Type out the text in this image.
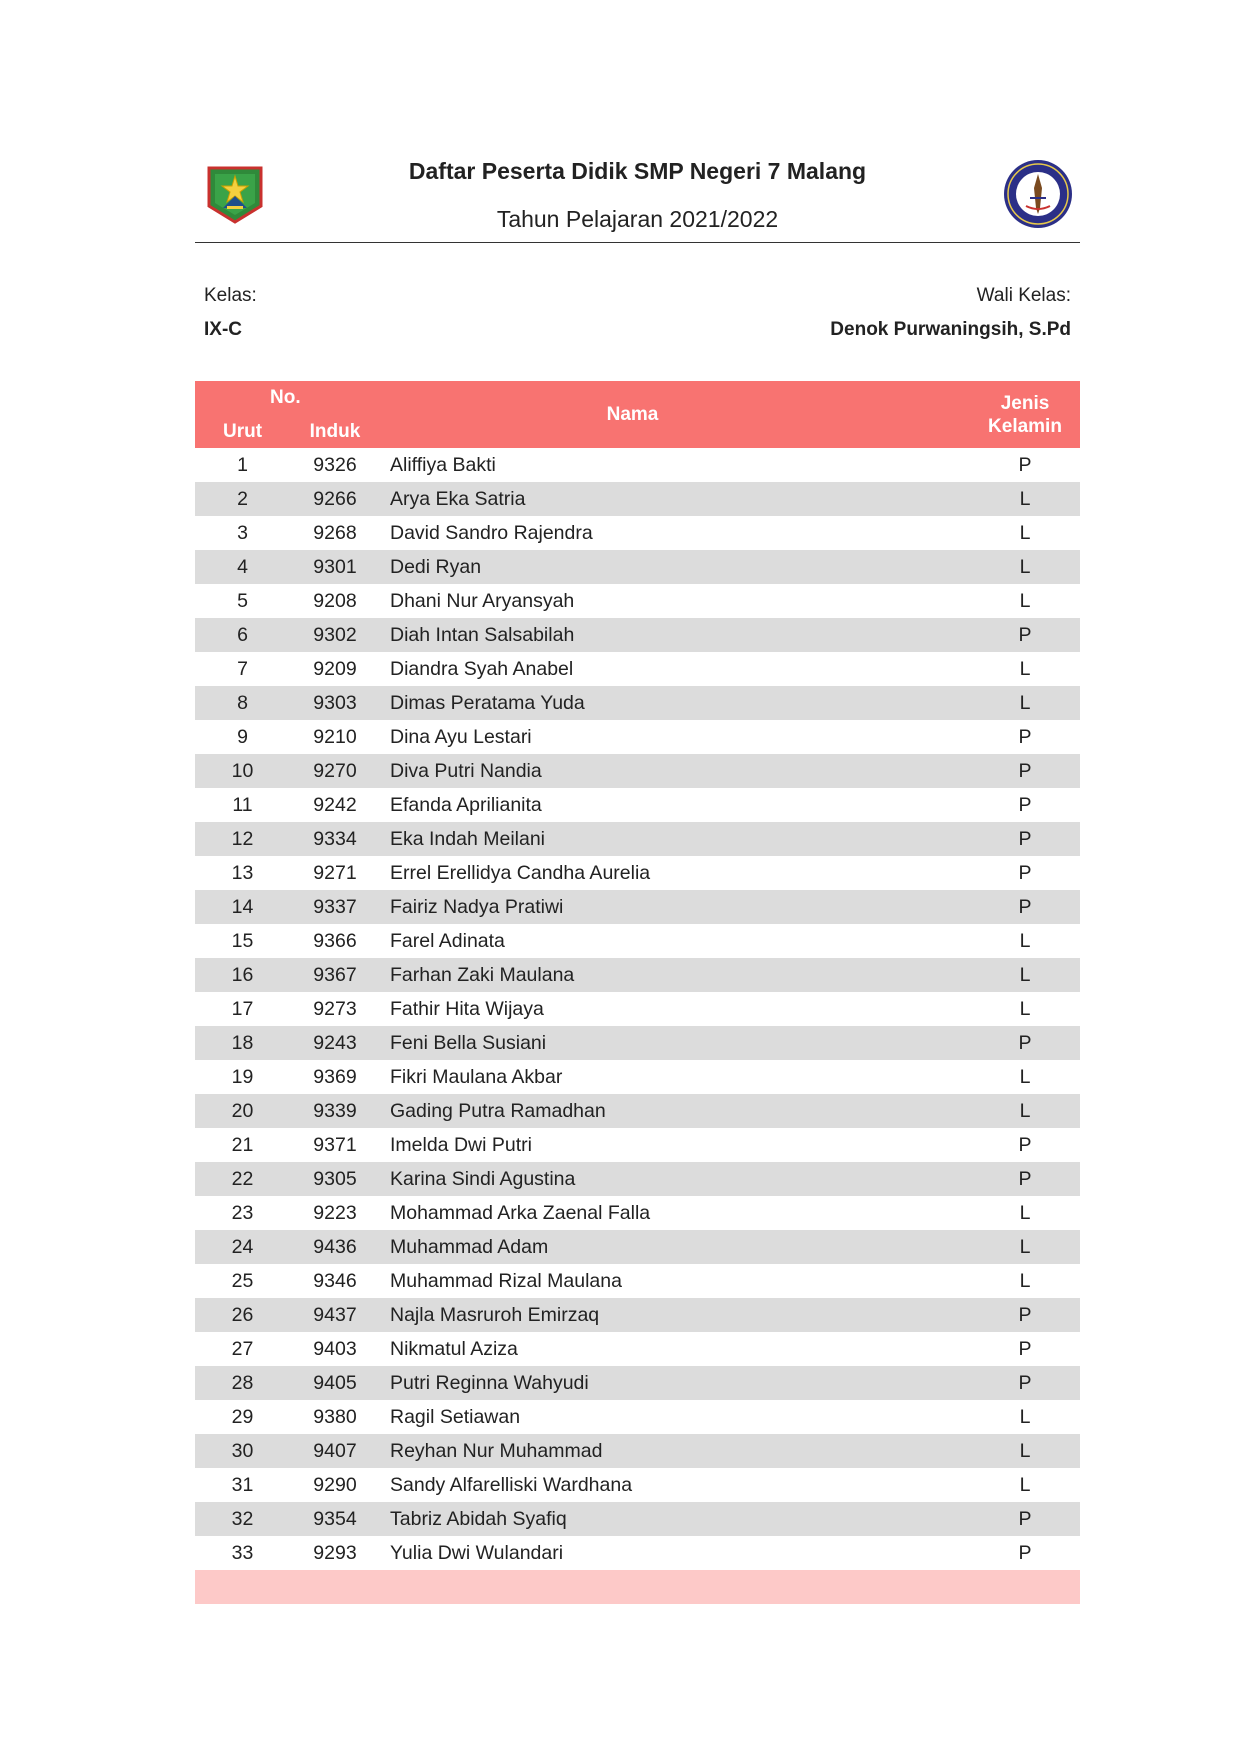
Daftar Peserta Didik SMP Negeri 7 Malang
Tahun Pelajaran 2021/2022
Kelas:
IX-C
Wali Kelas:
Denok Purwaningsih, S.Pd
No.
Urut	Induk
Nama
Jenis
Kelamin
1	9326	Aliffiya Bakti	P
2	9266	Arya Eka Satria	L
3	9268	David Sandro Rajendra	L
4	9301	Dedi Ryan	L
5	9208	Dhani Nur Aryansyah	L
6	9302	Diah Intan Salsabilah	P
7	9209	Diandra Syah Anabel	L
8	9303	Dimas Peratama Yuda	L
9	9210	Dina Ayu Lestari	P
10	9270	Diva Putri Nandia	P
11	9242	Efanda Aprilianita	P
12	9334	Eka Indah Meilani	P
13	9271	Errel Erellidya Candha Aurelia	P
14	9337	Fairiz Nadya Pratiwi	P
15	9366	Farel Adinata	L
16	9367	Farhan Zaki Maulana	L
17	9273	Fathir Hita Wijaya	L
18	9243	Feni Bella Susiani	P
19	9369	Fikri Maulana Akbar	L
20	9339	Gading Putra Ramadhan	L
21	9371	Imelda Dwi Putri	P
22	9305	Karina Sindi Agustina	P
23	9223	Mohammad Arka Zaenal Falla	L
24	9436	Muhammad Adam	L
25	9346	Muhammad Rizal Maulana	L
26	9437	Najla Masruroh Emirzaq	P
27	9403	Nikmatul Aziza	P
28	9405	Putri Reginna Wahyudi	P
29	9380	Ragil Setiawan	L
30	9407	Reyhan Nur Muhammad	L
31	9290	Sandy Alfarelliski Wardhana	L
32	9354	Tabriz Abidah Syafiq	P
33	9293	Yulia Dwi Wulandari	P
